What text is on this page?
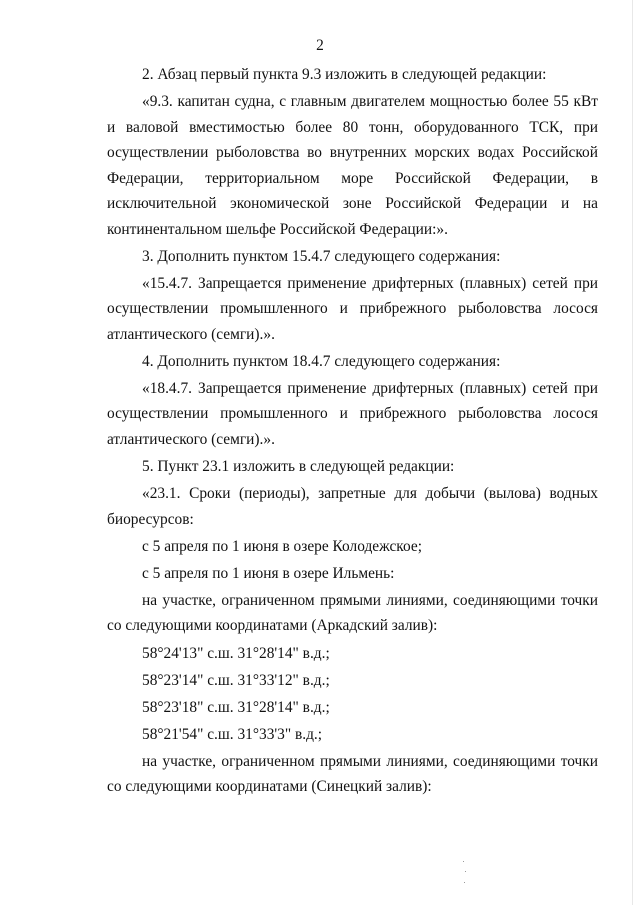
2

2. Абзац первый пункта 9.3 изложить в следующей редакции:

«9.3. капитан судна, с главным двигателем мощностью более 55 кВт и валовой вместимостью более 80 тонн, оборудованного ТСК, при осуществлении рыболовства во внутренних морских водах Российской Федерации, территориальном море Российской Федерации, в исключительной экономической зоне Российской Федерации и на континентальном шельфе Российской Федерации:».

3. Дополнить пунктом 15.4.7 следующего содержания:

«15.4.7. Запрещается применение дрифтерных (плавных) сетей при осуществлении промышленного и прибрежного рыболовства лосося атлантического (семги).».

4. Дополнить пунктом 18.4.7 следующего содержания:

«18.4.7. Запрещается применение дрифтерных (плавных) сетей при осуществлении промышленного и прибрежного рыболовства лосося атлантического (семги).».

5. Пункт 23.1 изложить в следующей редакции:

«23.1. Сроки (периоды), запретные для добычи (вылова) водных биоресурсов:

с 5 апреля по 1 июня в озере Колодежское;

с 5 апреля по 1 июня в озере Ильмень:

на участке, ограниченном прямыми линиями, соединяющими точки со следующими координатами (Аркадский залив):

58°24'13" с.ш. 31°28'14" в.д.;

58°23'14" с.ш. 31°33'12" в.д.;

58°23'18" с.ш. 31°28'14" в.д.;

58°21'54" с.ш. 31°33'3" в.д.;

на участке, ограниченном прямыми линиями, соединяющими точки со следующими координатами (Синецкий залив):
